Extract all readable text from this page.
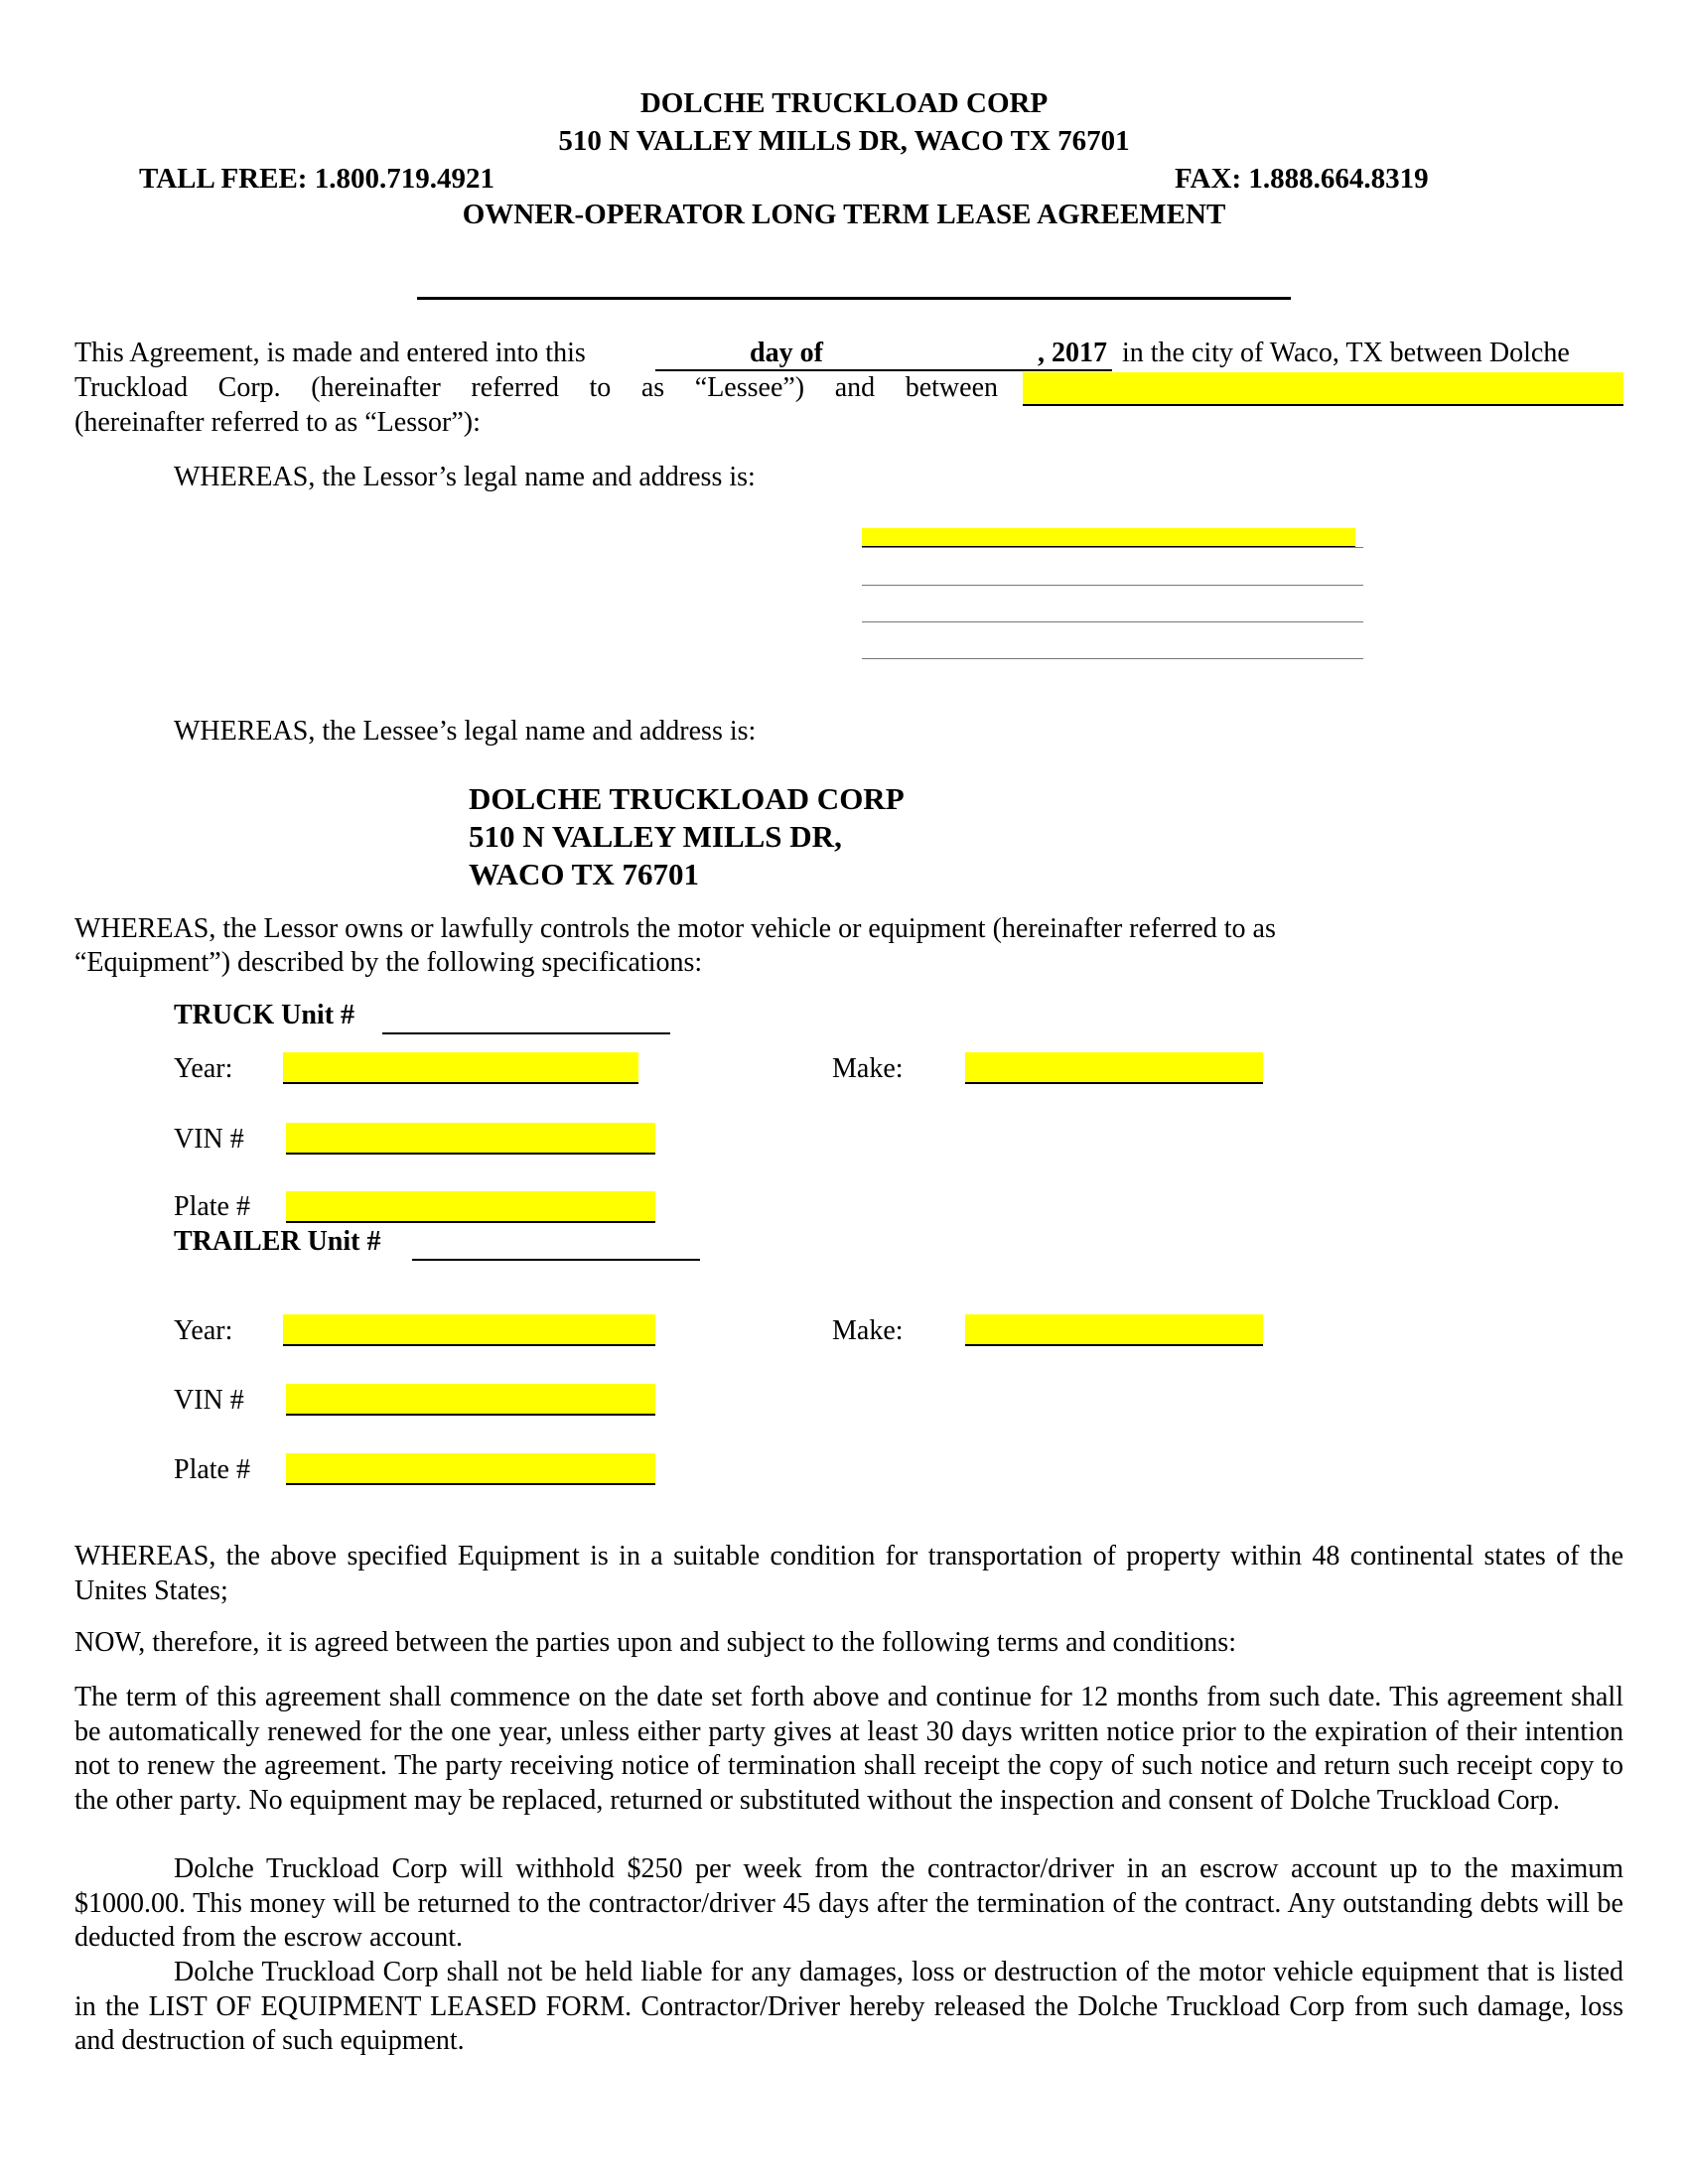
DOLCHE TRUCKLOAD CORP
510 N VALLEY MILLS DR, WACO TX 76701
TALL FREE: 1.800.719.4921	FAX: 1.888.664.8319
OWNER-OPERATOR LONG TERM LEASE AGREEMENT
This Agreement, is made and entered into this	day of	, 2017 in the city of Waco, TX between Dolche
Truckload Corp. (hereinafter referred to as “Lessee”) and between
(hereinafter referred to as “Lessor”):
WHEREAS, the Lessor’s legal name and address is:
WHEREAS, the Lessee’s legal name and address is:
DOLCHE TRUCKLOAD CORP
510 N VALLEY MILLS DR,
WACO TX 76701
WHEREAS, the Lessor owns or lawfully controls the motor vehicle or equipment (hereinafter referred to as
“Equipment”) described by the following specifications:
TRUCK Unit #
Year:	Make:
VIN #
Plate #
TRAILER Unit #
Year:	Make:
VIN #
Plate #
WHEREAS, the above specified Equipment is in a suitable condition for transportation of property within 48 continental states of the Unites States;
NOW, therefore, it is agreed between the parties upon and subject to the following terms and conditions:
The term of this agreement shall commence on the date set forth above and continue for 12 months from such date. This agreement shall be automatically renewed for the one year, unless either party gives at least 30 days written notice prior to the expiration of their intention not to renew the agreement. The party receiving notice of termination shall receipt the copy of such notice and return such receipt copy to the other party. No equipment may be replaced, returned or substituted without the inspection and consent of Dolche Truckload Corp.
Dolche Truckload Corp will withhold $250 per week from the contractor/driver in an escrow account up to the maximum $1000.00. This money will be returned to the contractor/driver 45 days after the termination of the contract. Any outstanding debts will be deducted from the escrow account.
Dolche Truckload Corp shall not be held liable for any damages, loss or destruction of the motor vehicle equipment that is listed in the LIST OF EQUIPMENT LEASED FORM. Contractor/Driver hereby released the Dolche Truckload Corp from such damage, loss and destruction of such equipment.
